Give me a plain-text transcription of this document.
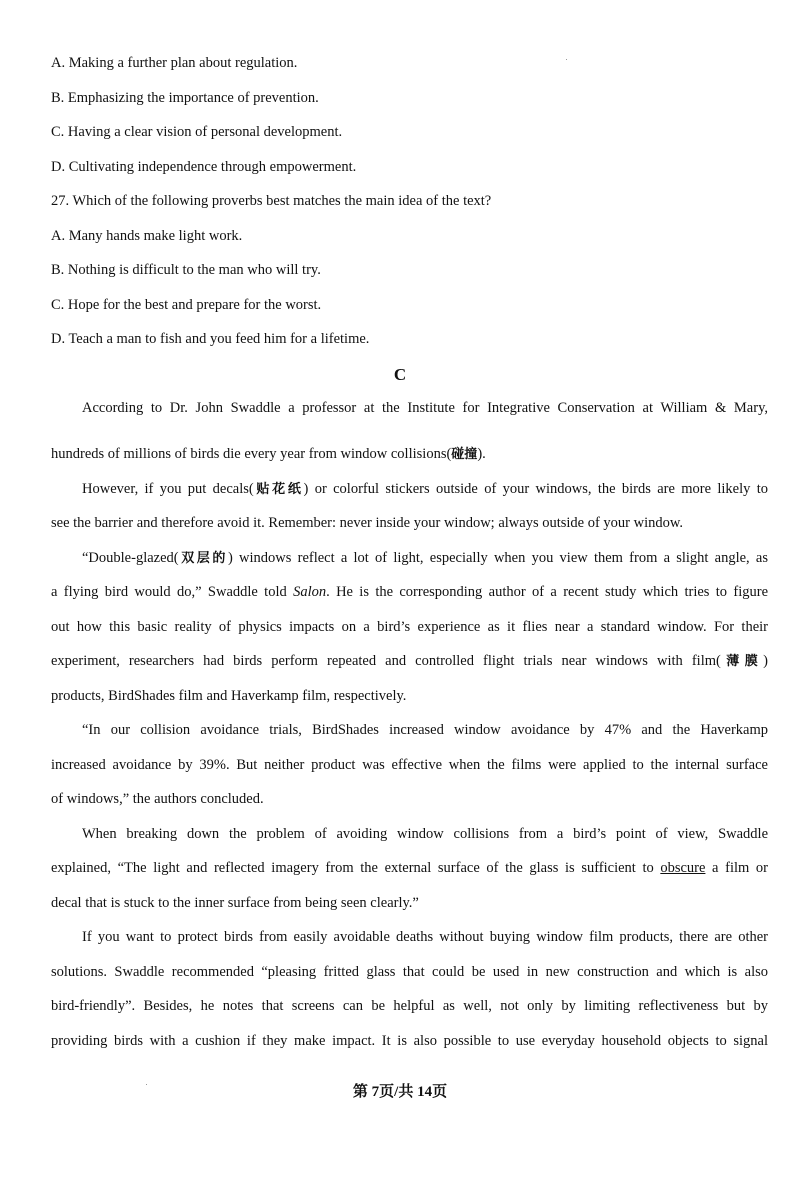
A. Making a further plan about regulation.
B. Emphasizing the importance of prevention.
C. Having a clear vision of personal development.
D. Cultivating independence through empowerment.
27. Which of the following proverbs best matches the main idea of the text?
A. Many hands make light work.
B. Nothing is difficult to the man who will try.
C. Hope for the best and prepare for the worst.
D. Teach a man to fish and you feed him for a lifetime.
C
According to Dr. John Swaddle a professor at the Institute for Integrative Conservation at William & Mary,
hundreds of millions of birds die every year from window collisions(碰撞).
However, if you put decals(贴花纸) or colorful stickers outside of your windows, the birds are more likely to
see the barrier and therefore avoid it. Remember: never inside your window; always outside of your window.
“Double-glazed(双层的) windows reflect a lot of light, especially when you view them from a slight angle, as
a flying bird would do,” Swaddle told Salon. He is the corresponding author of a recent study which tries to figure
out how this basic reality of physics impacts on a bird’s experience as it flies near a standard window. For their
experiment, researchers had birds perform repeated and controlled flight trials near windows with film(薄膜)
products, BirdShades film and Haverkamp film, respectively.
“In our collision avoidance trials, BirdShades increased window avoidance by 47% and the Haverkamp
increased avoidance by 39%. But neither product was effective when the films were applied to the internal surface
of windows,” the authors concluded.
When breaking down the problem of avoiding window collisions from a bird’s point of view, Swaddle
explained, “The light and reflected imagery from the external surface of the glass is sufficient to obscure a film or
decal that is stuck to the inner surface from being seen clearly.”
If you want to protect birds from easily avoidable deaths without buying window film products, there are other
solutions. Swaddle recommended “pleasing fritted glass that could be used in new construction and which is also
bird-friendly”. Besides, he notes that screens can be helpful as well, not only by limiting reflectiveness but by
providing birds with a cushion if they make impact. It is also possible to use everyday household objects to signal
第 7页/共 14页
